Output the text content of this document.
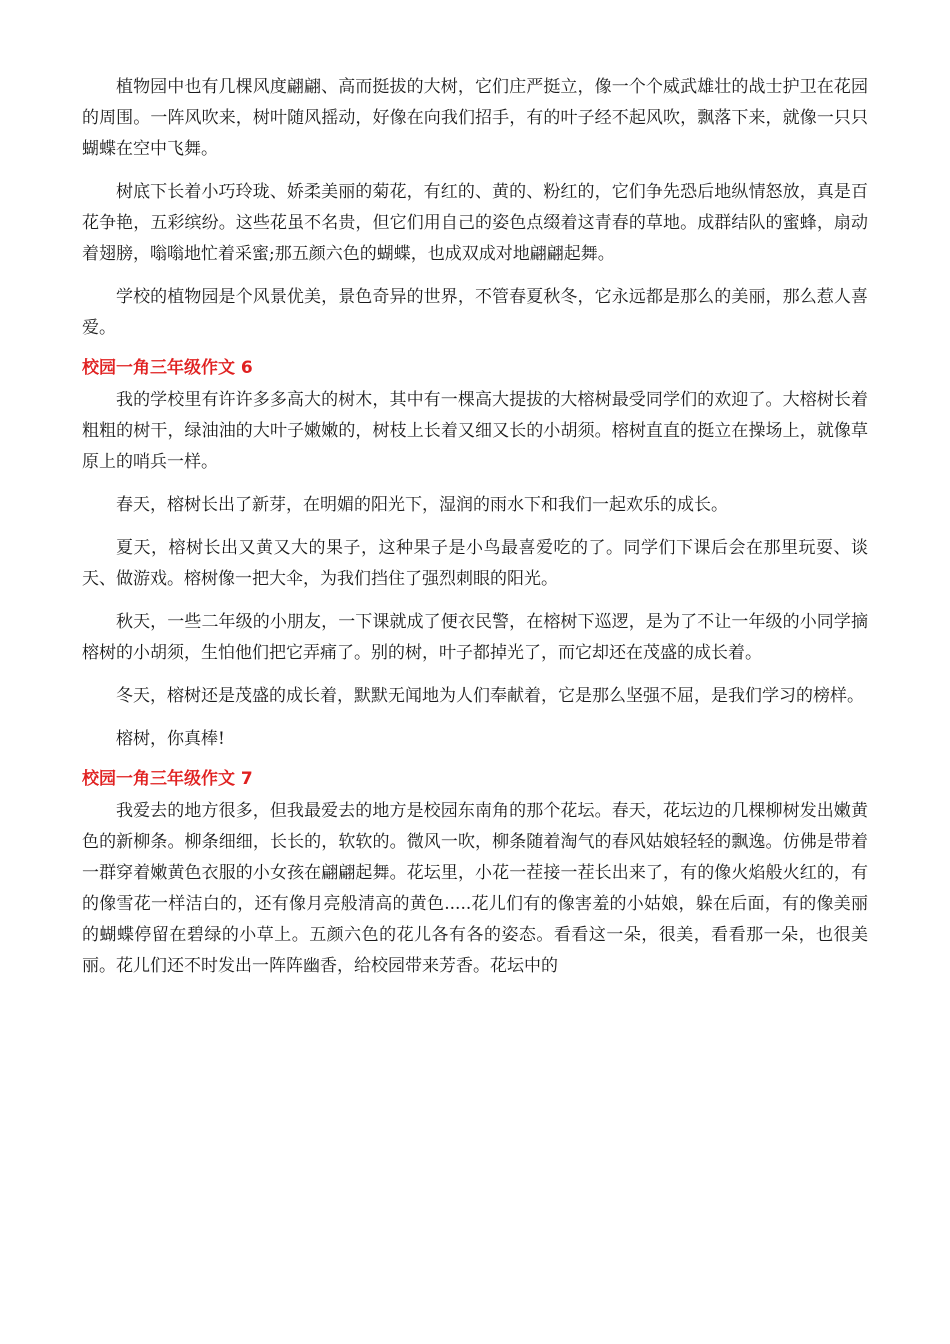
植物园中也有几棵风度翩翩、高而挺拔的大树，它们庄严挺立，像一个个威武雄壮的战士护卫在花园的周围。一阵风吹来，树叶随风摇动，好像在向我们招手，有的叶子经不起风吹，飘落下来，就像一只只蝴蝶在空中飞舞。

树底下长着小巧玲珑、娇柔美丽的菊花，有红的、黄的、粉红的，它们争先恐后地纵情怒放，真是百花争艳，五彩缤纷。这些花虽不名贵，但它们用自己的姿色点缀着这青春的草地。成群结队的蜜蜂，扇动着翅膀，嗡嗡地忙着采蜜;那五颜六色的蝴蝶，也成双成对地翩翩起舞。

学校的植物园是个风景优美，景色奇异的世界，不管春夏秋冬，它永远都是那么的美丽，那么惹人喜爱。

校园一角三年级作文 6

我的学校里有许许多多高大的树木，其中有一棵高大提拔的大榕树最受同学们的欢迎了。大榕树长着粗粗的树干，绿油油的大叶子嫩嫩的，树枝上长着又细又长的小胡须。榕树直直的挺立在操场上，就像草原上的哨兵一样。

春天，榕树长出了新芽，在明媚的阳光下，湿润的雨水下和我们一起欢乐的成长。

夏天，榕树长出又黄又大的果子，这种果子是小鸟最喜爱吃的了。同学们下课后会在那里玩耍、谈天、做游戏。榕树像一把大伞，为我们挡住了强烈刺眼的阳光。

秋天，一些二年级的小朋友，一下课就成了便衣民警，在榕树下巡逻，是为了不让一年级的小同学摘榕树的小胡须，生怕他们把它弄痛了。别的树，叶子都掉光了，而它却还在茂盛的成长着。

冬天，榕树还是茂盛的成长着，默默无闻地为人们奉献着，它是那么坚强不屈，是我们学习的榜样。

榕树，你真棒!

校园一角三年级作文 7

我爱去的地方很多，但我最爱去的地方是校园东南角的那个花坛。春天，花坛边的几棵柳树发出嫩黄色的新柳条。柳条细细，长长的，软软的。微风一吹，柳条随着淘气的春风姑娘轻轻的飘逸。仿佛是带着一群穿着嫩黄色衣服的小女孩在翩翩起舞。花坛里，小花一茬接一茬长出来了，有的像火焰般火红的，有的像雪花一样洁白的，还有像月亮般清高的黄色.....花儿们有的像害羞的小姑娘，躲在后面，有的像美丽的蝴蝶停留在碧绿的小草上。五颜六色的花儿各有各的姿态。看看这一朵，很美，看看那一朵，也很美丽。花儿们还不时发出一阵阵幽香，给校园带来芳香。花坛中的
